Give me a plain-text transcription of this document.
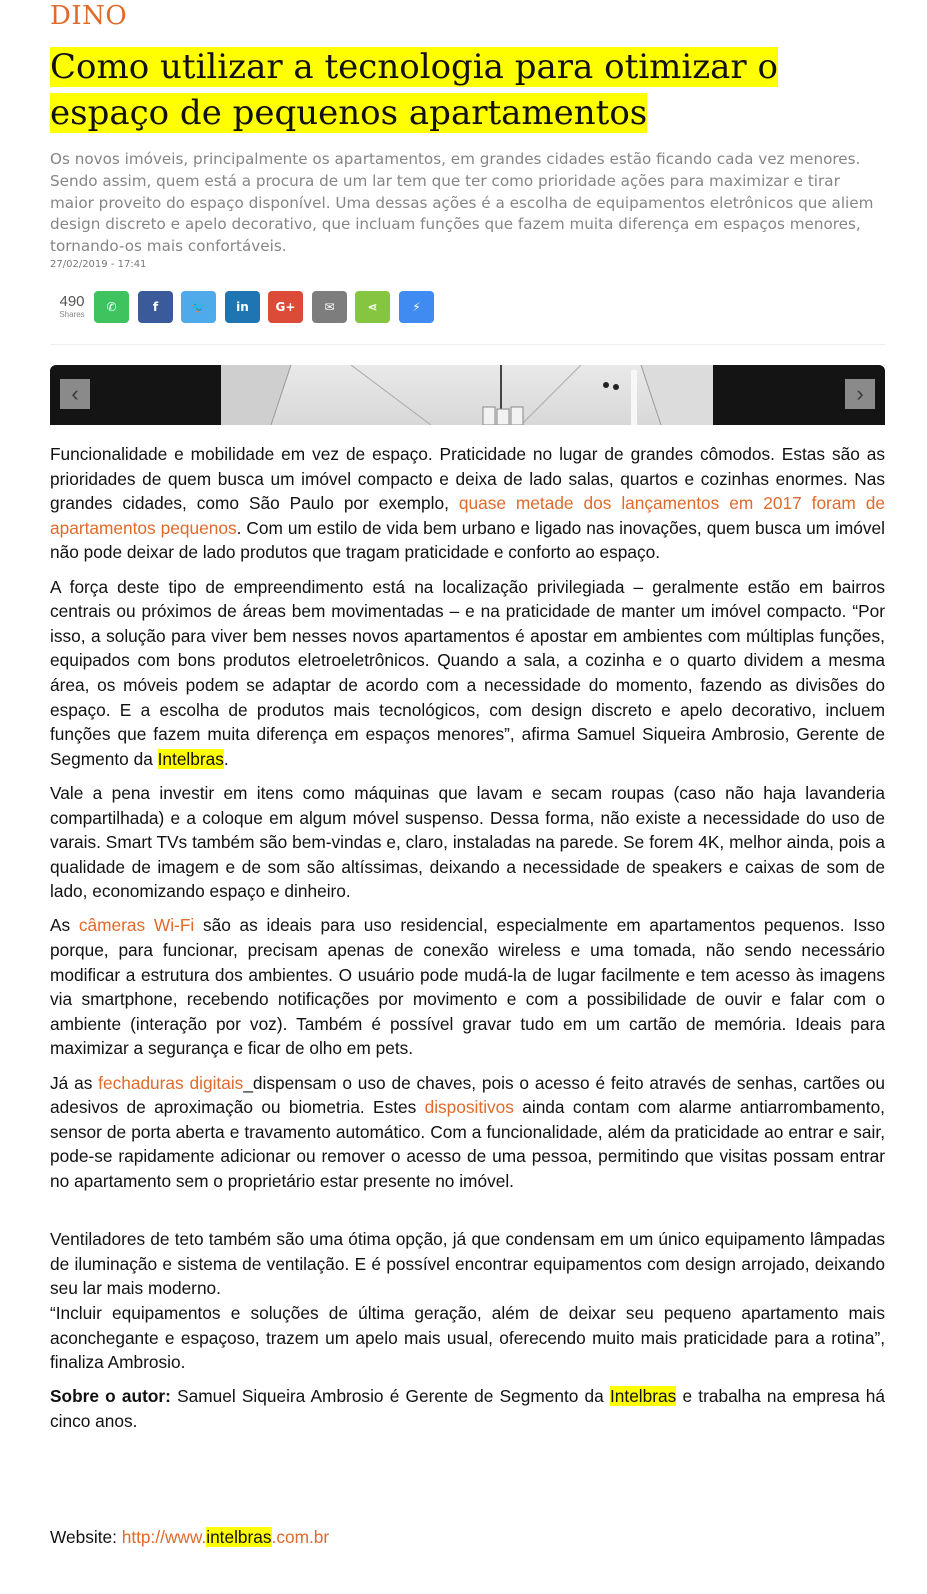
DINO
Como utilizar a tecnologia para otimizar o espaço de pequenos apartamentos
Os novos imóveis, principalmente os apartamentos, em grandes cidades estão ficando cada vez menores. Sendo assim, quem está a procura de um lar tem que ter como prioridade ações para maximizar e tirar maior proveito do espaço disponível. Uma dessas ações é a escolha de equipamentos eletrônicos que aliem design discreto e apelo decorativo, que incluam funções que fazem muita diferença em espaços menores, tornando-os mais confortáveis.
27/02/2019 - 17:41
490
Shares
✆	f	🐦	in G+ ✉	⋖	⚡
‹	›

Funcionalidade e mobilidade em vez de espaço. Praticidade no lugar de grandes cômodos. Estas são as prioridades de quem busca um imóvel compacto e deixa de lado salas, quartos e cozinhas enormes. Nas grandes cidades, como São Paulo por exemplo, quase metade dos lançamentos em 2017 foram de apartamentos pequenos. Com um estilo de vida bem urbano e ligado nas inovações, quem busca um imóvel não pode deixar de lado produtos que tragam praticidade e conforto ao espaço.

A força deste tipo de empreendimento está na localização privilegiada – geralmente estão em bairros centrais ou próximos de áreas bem movimentadas – e na praticidade de manter um imóvel compacto. “Por isso, a solução para viver bem nesses novos apartamentos é apostar em ambientes com múltiplas funções, equipados com bons produtos eletroeletrônicos. Quando a sala, a cozinha e o quarto dividem a mesma área, os móveis podem se adaptar de acordo com a necessidade do momento, fazendo as divisões do espaço. E a escolha de produtos mais tecnológicos, com design discreto e apelo decorativo, incluem funções que fazem muita diferença em espaços menores”, afirma Samuel Siqueira Ambrosio, Gerente de Segmento da Intelbras.

Vale a pena investir em itens como máquinas que lavam e secam roupas (caso não haja lavanderia compartilhada) e a coloque em algum móvel suspenso. Dessa forma, não existe a necessidade do uso de varais. Smart TVs também são bem-vindas e, claro, instaladas na parede. Se forem 4K, melhor ainda, pois a qualidade de imagem e de som são altíssimas, deixando a necessidade de speakers e caixas de som de lado, economizando espaço e dinheiro.

As câmeras Wi-Fi são as ideais para uso residencial, especialmente em apartamentos pequenos. Isso porque, para funcionar, precisam apenas de conexão wireless e uma tomada, não sendo necessário modificar a estrutura dos ambientes. O usuário pode mudá-la de lugar facilmente e tem acesso às imagens via smartphone, recebendo notificações por movimento e com a possibilidade de ouvir e falar com o ambiente (interação por voz). Também é possível gravar tudo em um cartão de memória. Ideais para maximizar a segurança e ficar de olho em pets.

Já as fechaduras digitais_dispensam o uso de chaves, pois o acesso é feito através de senhas, cartões ou adesivos de aproximação ou biometria. Estes dispositivos ainda contam com alarme antiarrombamento, sensor de porta aberta e travamento automático. Com a funcionalidade, além da praticidade ao entrar e sair, pode-se rapidamente adicionar ou remover o acesso de uma pessoa, permitindo que visitas possam entrar no apartamento sem o proprietário estar presente no imóvel.

Ventiladores de teto também são uma ótima opção, já que condensam em um único equipamento lâmpadas de iluminação e sistema de ventilação. E é possível encontrar equipamentos com design arrojado, deixando seu lar mais moderno.

“Incluir equipamentos e soluções de última geração, além de deixar seu pequeno apartamento mais aconchegante e espaçoso, trazem um apelo mais usual, oferecendo muito mais praticidade para a rotina”, finaliza Ambrosio.

Sobre o autor: Samuel Siqueira Ambrosio é Gerente de Segmento da Intelbras e trabalha na empresa há cinco anos.

Website: http://www.intelbras.com.br
